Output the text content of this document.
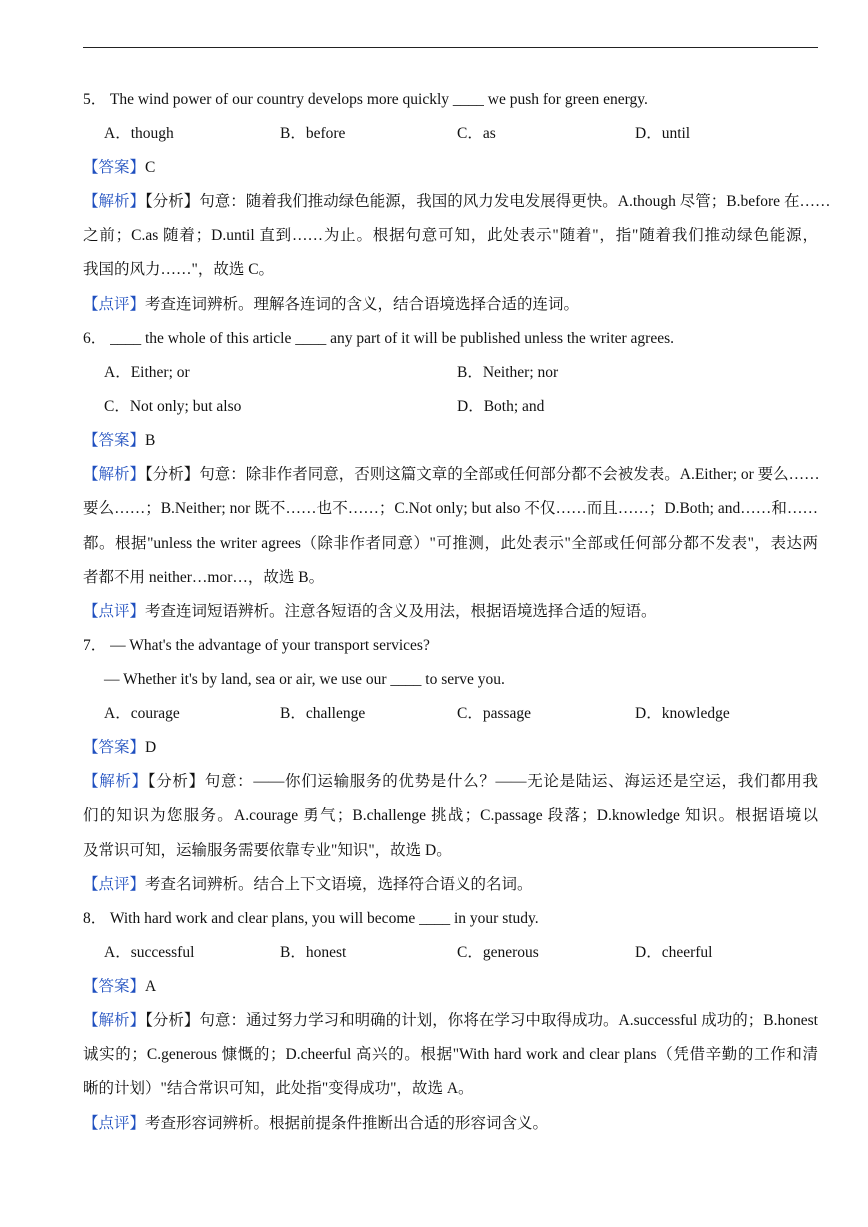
5． The wind power of our country develops more quickly ____ we push for green energy.
A．though	B．before	C．as	D．until
【答案】C
【解析】【分析】句意：随着我们推动绿色能源，我国的风力发电发展得更快。A.though 尽管；B.before 在……
之前；C.as 随着；D.until 直到……为止。根据句意可知，此处表示"随着"，指"随着我们推动绿色能源，
我国的风力……"，故选 C。
【点评】考查连词辨析。理解各连词的含义，结合语境选择合适的连词。
6． ____ the whole of this article ____ any part of it will be published unless the writer agrees.
A．Either; or	B．Neither; nor
C．Not only; but also	D．Both; and
【答案】B
【解析】【分析】句意：除非作者同意，否则这篇文章的全部或任何部分都不会被发表。A.Either; or 要么……
要么……；B.Neither; nor 既不……也不……；C.Not only; but also 不仅……而且……；D.Both; and……和……
都。根据"unless the writer agrees（除非作者同意）"可推测，此处表示"全部或任何部分都不发表"，表达两
者都不用 neither…mor…，故选 B。
【点评】考查连词短语辨析。注意各短语的含义及用法，根据语境选择合适的短语。
7． — What's the advantage of your transport services?
— Whether it's by land, sea or air, we use our ____ to serve you.
A．courage	B．challenge	C．passage	D．knowledge
【答案】D
【解析】【分析】句意：——你们运输服务的优势是什么？——无论是陆运、海运还是空运，我们都用我
们的知识为您服务。A.courage 勇气；B.challenge 挑战；C.passage 段落；D.knowledge 知识。根据语境以
及常识可知，运输服务需要依靠专业"知识"，故选 D。
【点评】考查名词辨析。结合上下文语境，选择符合语义的名词。
8． With hard work and clear plans, you will become ____ in your study.
A．successful	B．honest	C．generous	D．cheerful
【答案】A
【解析】【分析】句意：通过努力学习和明确的计划，你将在学习中取得成功。A.successful 成功的；B.honest
诚实的；C.generous 慷慨的；D.cheerful 高兴的。根据"With hard work and clear plans（凭借辛勤的工作和清
晰的计划）"结合常识可知，此处指"变得成功"，故选 A。
【点评】考查形容词辨析。根据前提条件推断出合适的形容词含义。
